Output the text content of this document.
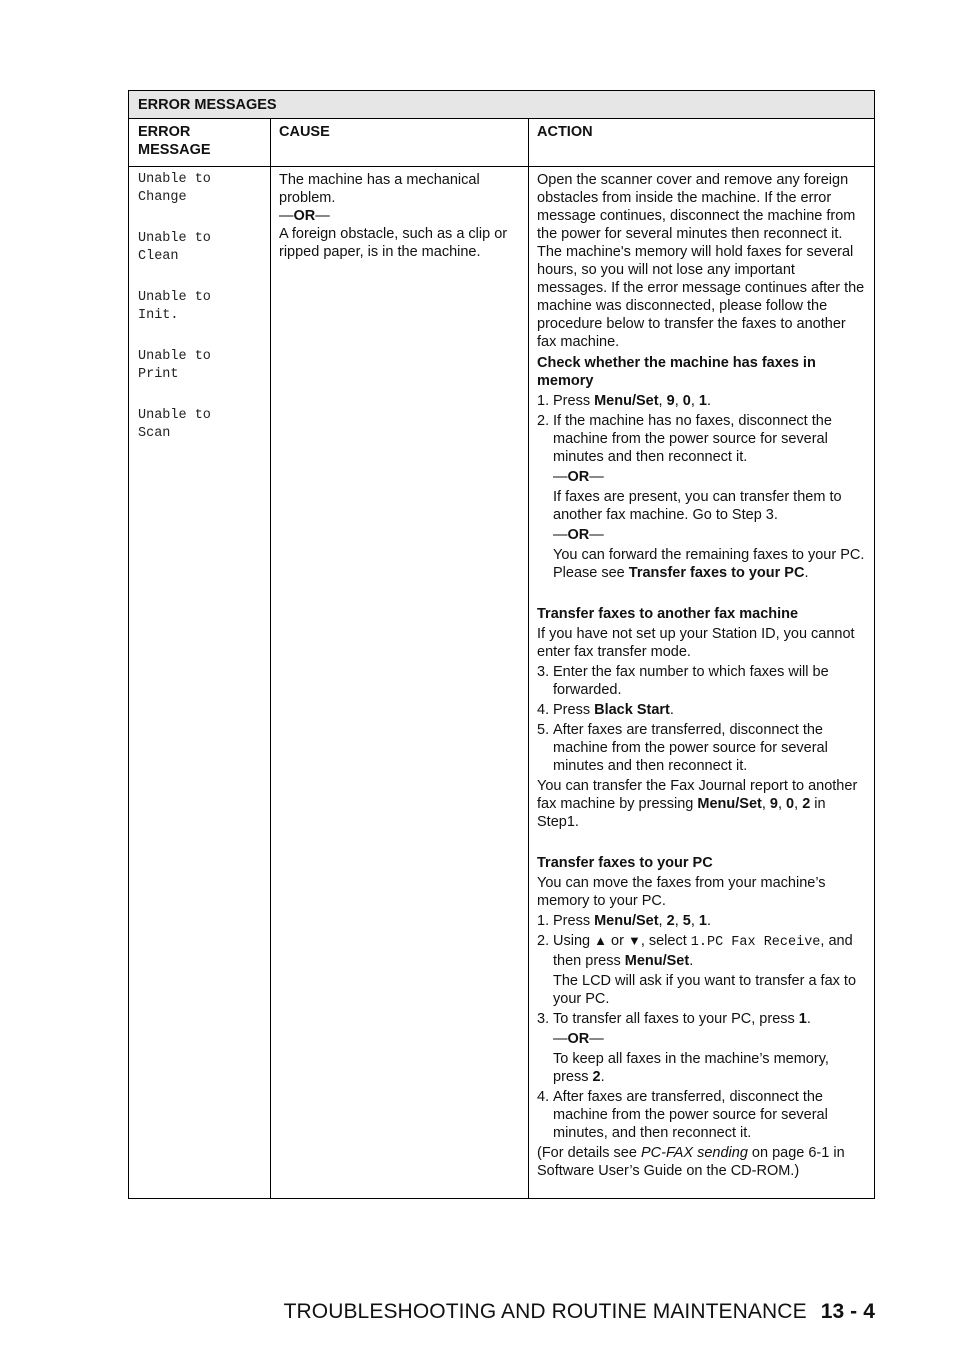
ERROR MESSAGES
ERROR MESSAGE
CAUSE	ACTION
Unable to
Change
Unable to
Clean
Unable to
Init.
Unable to
Print
Unable to
Scan

The machine has a mechanical problem.

—OR—

A foreign obstacle, such as a clip or ripped paper, is in the machine.

Open the scanner cover and remove any foreign obstacles from inside the machine. If the error message continues, disconnect the machine from the power for several minutes then reconnect it. The machine's memory will hold faxes for several hours, so you will not lose any important messages. If the error message continues after the machine was disconnected, please follow the procedure below to transfer the faxes to another fax machine.

Check whether the machine has faxes in memory

1. Press Menu/Set, 9, 0, 1.
2. If the machine has no faxes, disconnect the machine from the power source for several minutes and then reconnect it.
—OR—
If faxes are present, you can transfer them to another fax machine. Go to Step 3.
—OR—
You can forward the remaining faxes to your PC. Please see Transfer faxes to your PC.

Transfer faxes to another fax machine

If you have not set up your Station ID, you cannot enter fax transfer mode.

3. Enter the fax number to which faxes will be forwarded.
4. Press Black Start.
5. After faxes are transferred, disconnect the machine from the power source for several minutes and then reconnect it.

You can transfer the Fax Journal report to another fax machine by pressing Menu/Set, 9, 0, 2 in Step1.

Transfer faxes to your PC

You can move the faxes from your machine’s memory to your PC.

1. Press Menu/Set, 2, 5, 1.
2. Using ▲ or ▼, select 1.PC Fax Receive, and then press Menu/Set.
The LCD will ask if you want to transfer a fax to your PC.
3. To transfer all faxes to your PC, press 1.
—OR—
To keep all faxes in the machine’s memory, press 2.
4. After faxes are transferred, disconnect the machine from the power source for several minutes, and then reconnect it.

(For details see PC-FAX sending on page 6-1 in Software User’s Guide on the CD-ROM.)

TROUBLESHOOTING AND ROUTINE MAINTENANCE 13 - 4
